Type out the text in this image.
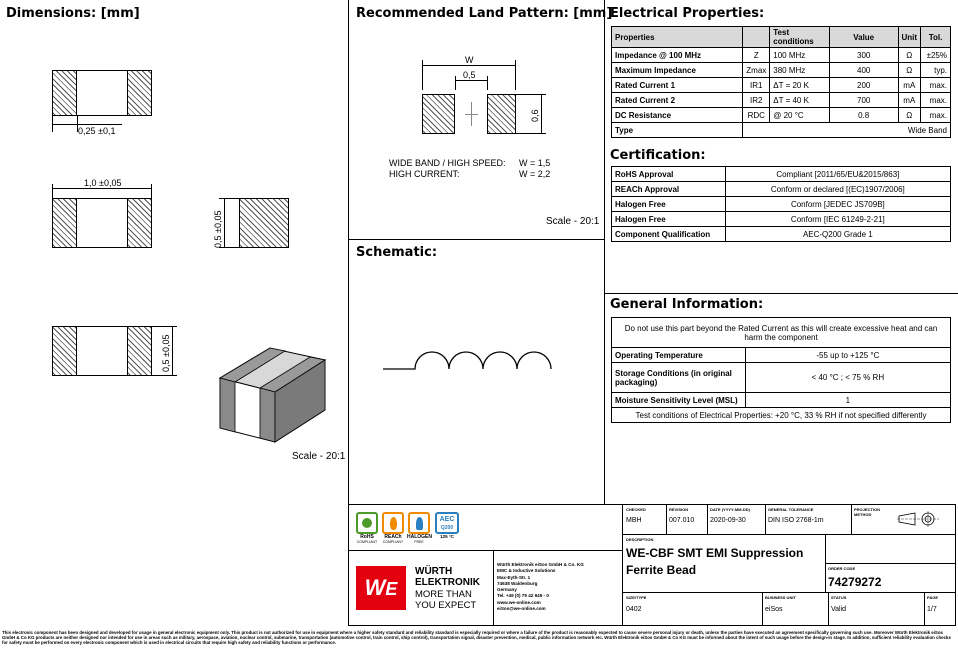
Dimensions: [mm]	Recommended Land Pattern: [mm]
Electrical Properties:
Schematic:
Certification:
General Information:
0,25 ±0,1
1,0 ±0,05
0,5 ±0,05
0,5 ±0,05
Scale - 20:1
W
0,5
0,6
WIDE BAND / HIGH SPEED: W = 1,5
HIGH CURRENT:	W = 2,2
Scale - 20:1
Properties		Test conditions	Value	Unit	Tol.
Impedance @ 100 MHz	Z	100 MHz	300	Ω	±25%
Maximum Impedance	Zmax	380 MHz	400	Ω	typ.
Rated Current 1	IR1	ΔT = 20 K	200	mA	max.
Rated Current 2	IR2	ΔT = 40 K	700	mA	max.
DC Resistance	RDC	@ 20 °C	0.8	Ω	max.
Type	Wide Band				
RoHS Approval	Compliant [2011/65/EU&2015/863]
REACh Approval	Conform or declared [(EC)1907/2006]
Halogen Free	Conform [JEDEC JS709B]
Halogen Free	Conform [IEC 61249-2-21]
Component Qualification	AEC-Q200 Grade 1
Do not use this part beyond the Rated Current as this will create excessive heat and can harm the component	
Operating Temperature	-55 up to +125 °C
Storage Conditions (in original packaging)	< 40 °C ; < 75 % RH
Moisture Sensitivity Level (MSL)	1
Test conditions of Electrical Properties: +20 °C, 33 % RH if not specified differently	
CHECKED
MBH
REVISION
007.010
DATE (YYYY-MM-DD)
2020-09-30
GENERAL TOLERANCE
DIN ISO 2768-1m
PROJECTION METHOD
DESCRIPTION
WE-CBF SMT EMI Suppression
Ferrite Bead	ORDER CODE
74279272
SIZE/TYPE
0402
BUSINESS UNIT
eiSos
STATUS
Valid
PAGE
1/7
RoHS
COMPLIANT
REACh
COMPLIANT
HALOGEN
FREE
AEC
Q200
125 °C
WE
WÜRTH
ELEKTRONIK
MORE THAN
YOU EXPECT
Würth Elektronik eiSos GmbH & Co. KG
EMC & Inductive Solutions
Max-Eyth-Str. 1
74638 Waldenburg
Germany
Tel. +49 (0) 79 42 945 - 0
www.we-online.com
eiSos@we-online.com
This electronic component has been designed and developed for usage in general electronic equipment only. This product is not authorized for use in equipment where a higher safety standard and reliability standard is especially required or where a failure of the product is reasonably expected to cause severe personal injury or death, unless the parties have executed an agreement specifically governing such use. Moreover Würth Elektronik eiSos GmbH & Co KG products are neither designed nor intended for use in areas such as military, aerospace, aviation, nuclear control, submarine, transportation (automotive control, train control, ship control), transportation signal, disaster prevention, medical, public information network etc. Würth Elektronik eiSos GmbH & Co KG must be informed about the intent of such usage before the design-in stage. In addition, sufficient reliability evaluation checks for safety must be performed on every electronic component which is used in electrical circuits that require high safety and reliability functions or performance.
